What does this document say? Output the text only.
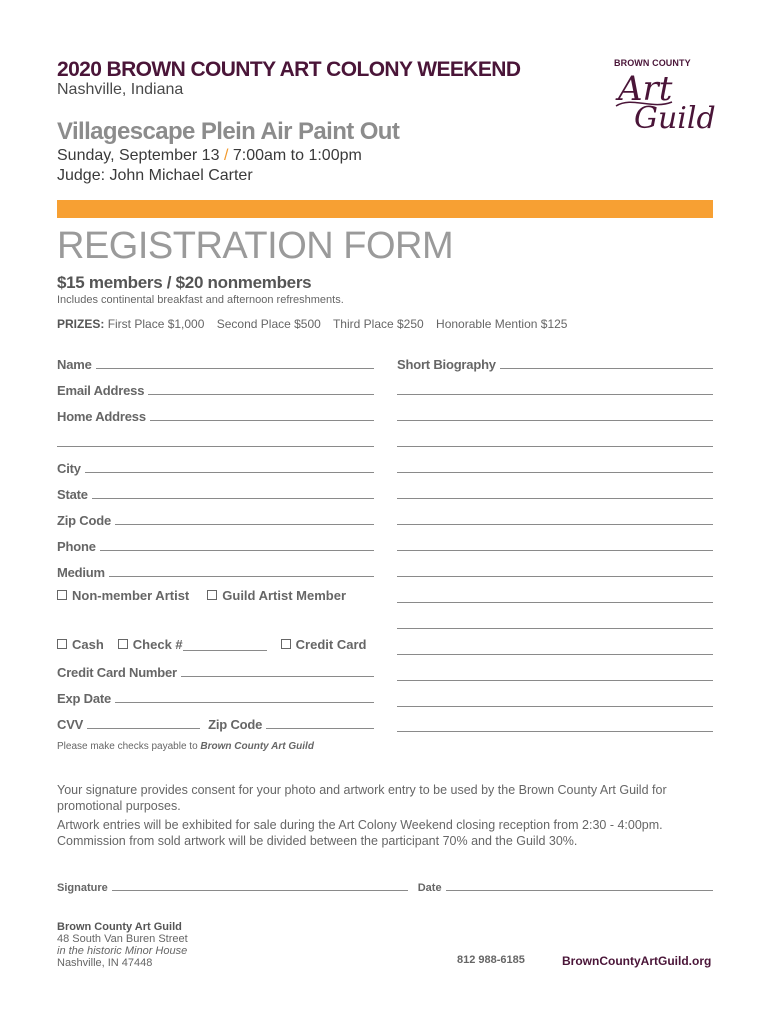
2020 BROWN COUNTY ART COLONY WEEKEND
Nashville, Indiana
BROWN COUNTY
Art
Guild
Villagescape Plein Air Paint Out
Sunday, September 13 / 7:00am to 1:00pm
Judge: John Michael Carter
REGISTRATION FORM
$15 members / $20 nonmembers
Includes continental breakfast and afternoon refreshments.
PRIZES: First Place $1,000 Second Place $500 Third Place $250 Honorable Mention $125
Name
Email Address
Home Address
City
State
Zip Code
Phone
Medium
Non-member Artist	Guild Artist Member
Cash Check #	Credit Card
Credit Card Number
Exp Date
CVV	Zip Code
Short Biography
Please make checks payable to Brown County Art Guild
Your signature provides consent for your photo and artwork entry to be used by the Brown County Art Guild for promotional purposes.
Artwork entries will be exhibited for sale during the Art Colony Weekend closing reception from 2:30 - 4:00pm. Commission from sold artwork will be divided between the participant 70% and the Guild 30%.
Signature	Date
Brown County Art Guild
48 South Van Buren Street
in the historic Minor House
Nashville, IN 47448	812 988-6185	BrownCountyArtGuild.org
